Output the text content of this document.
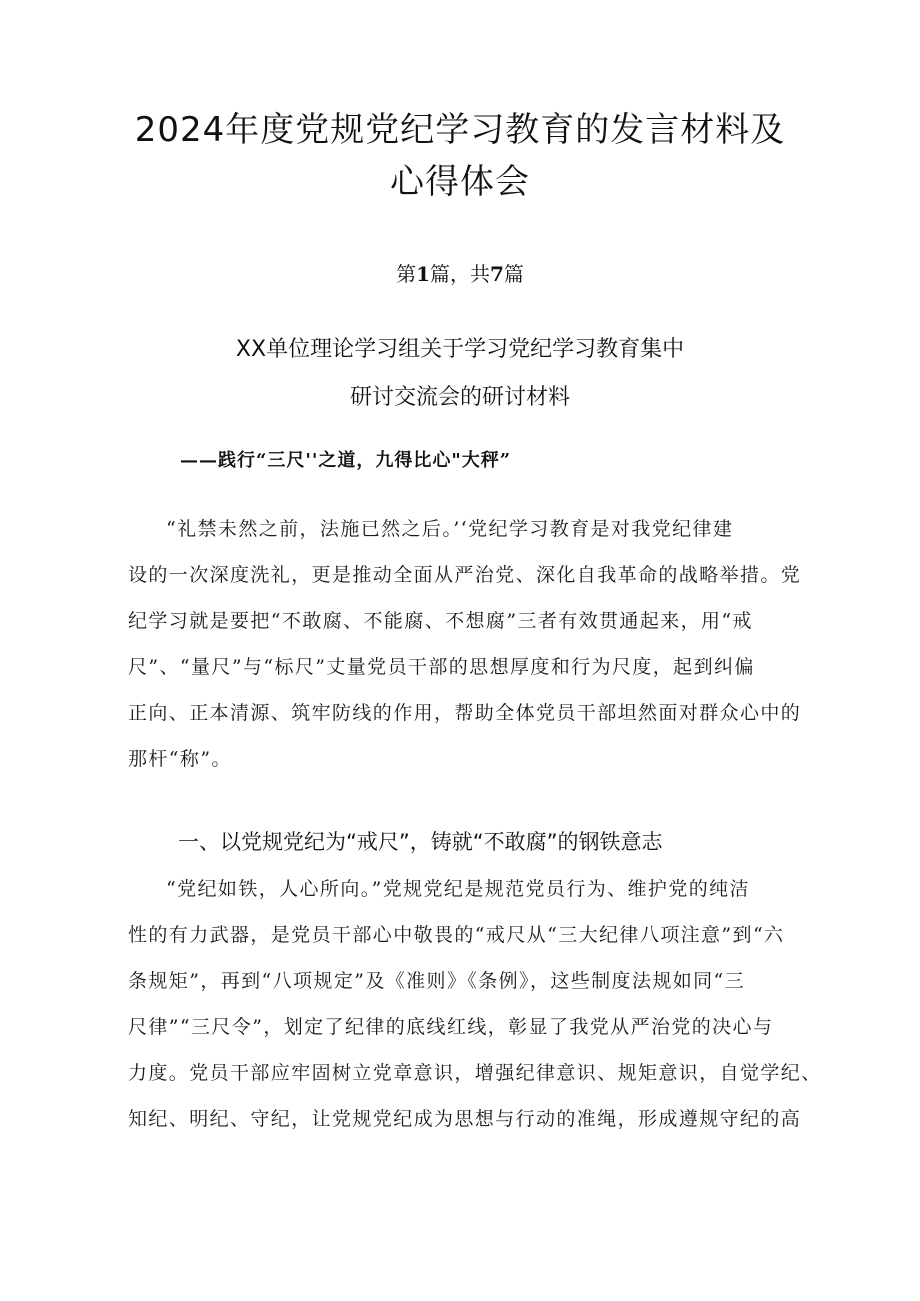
2024年度党规党纪学习教育的发言材料及
心得体会
第1篇，共7篇
XX单位理论学习组关于学习党纪学习教育集中
研讨交流会的研讨材料
——践行“三尺''之道，九得比心"大秤”

“礼禁未然之前，法施已然之后。’‘党纪学习教育是对我党纪律建
设的一次深度洗礼，更是推动全面从严治党、深化自我革命的战略举措。党
纪学习就是要把“不敢腐、不能腐、不想腐”三者有效贯通起来，用“戒
尺”、“量尺”与“标尺”丈量党员干部的思想厚度和行为尺度，起到纠偏
正向、正本清源、筑牢防线的作用，帮助全体党员干部坦然面对群众心中的
那杆“称”。

一、以党规党纪为“戒尺”，铸就“不敢腐”的钢铁意志

“党纪如铁，人心所向。”党规党纪是规范党员行为、维护党的纯洁
性的有力武器，是党员干部心中敬畏的“戒尺从“三大纪律八项注意”到“六
条规矩”，再到“八项规定”及《准则》《条例》，这些制度法规如同“三
尺律”“三尺令”，划定了纪律的底线红线，彰显了我党从严治党的决心与
力度。党员干部应牢固树立党章意识，增强纪律意识、规矩意识，自觉学纪、
知纪、明纪、守纪，让党规党纪成为思想与行动的准绳，形成遵规守纪的高
